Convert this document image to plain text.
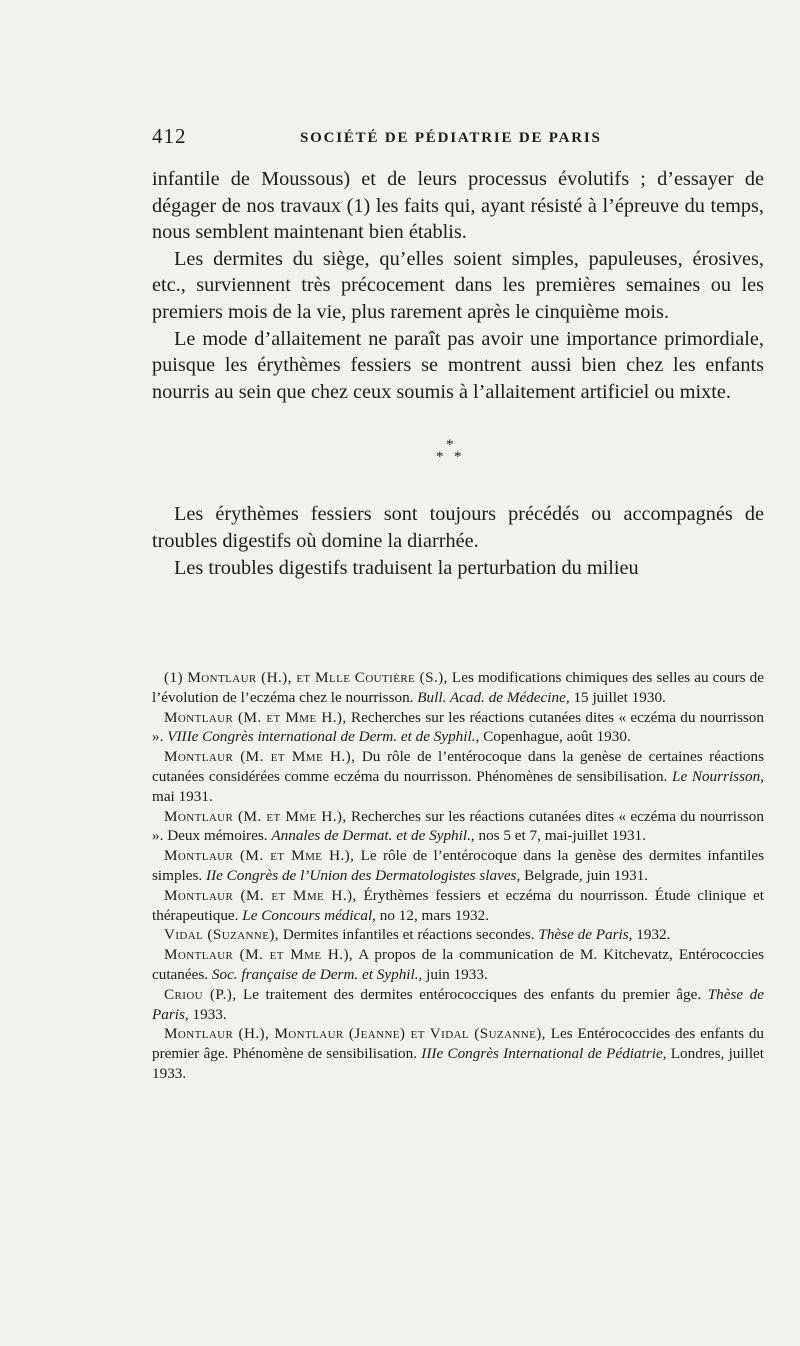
412	SOCIÉTÉ DE PÉDIATRIE DE PARIS

infantile de Moussous) et de leurs processus évolutifs ; d’essayer de dégager de nos travaux (1) les faits qui, ayant résisté à l’épreuve du temps, nous semblent maintenant bien établis.

Les dermites du siège, qu’elles soient simples, papuleuses, érosives, etc., surviennent très précocement dans les premières semaines ou les premiers mois de la vie, plus rarement après le cinquième mois.

Le mode d’allaitement ne paraît pas avoir une importance primordiale, puisque les érythèmes fessiers se montrent aussi bien chez les enfants nourris au sein que chez ceux soumis à l’allaitement artificiel ou mixte.

*
* *

Les érythèmes fessiers sont toujours précédés ou accompagnés de troubles digestifs où domine la diarrhée.

Les troubles digestifs traduisent la perturbation du milieu

(1) Montlaur (H.), et Mlle Coutière (S.), Les modifications chimiques des selles au cours de l’évolution de l’eczéma chez le nourrisson. Bull. Acad. de Médecine, 15 juillet 1930.

Montlaur (M. et Mme H.), Recherches sur les réactions cutanées dites « eczéma du nourrisson ». VIIIe Congrès international de Derm. et de Syphil., Copenhague, août 1930.

Montlaur (M. et Mme H.), Du rôle de l’entérocoque dans la genèse de certaines réactions cutanées considérées comme eczéma du nourrisson. Phénomènes de sensibilisation. Le Nourrisson, mai 1931.

Montlaur (M. et Mme H.), Recherches sur les réactions cutanées dites « eczéma du nourrisson ». Deux mémoires. Annales de Dermat. et de Syphil., nos 5 et 7, mai-juillet 1931.

Montlaur (M. et Mme H.), Le rôle de l’entérocoque dans la genèse des dermites infantiles simples. IIe Congrès de l’Union des Dermatologistes slaves, Belgrade, juin 1931.

Montlaur (M. et Mme H.), Érythèmes fessiers et eczéma du nourrisson. Étude clinique et thérapeutique. Le Concours médical, no 12, mars 1932.

Vidal (Suzanne), Dermites infantiles et réactions secondes. Thèse de Paris, 1932.

Montlaur (M. et Mme H.), A propos de la communication de M. Kitchevatz, Entérococcies cutanées. Soc. française de Derm. et Syphil., juin 1933.

Criou (P.), Le traitement des dermites entérococciques des enfants du premier âge. Thèse de Paris, 1933.

Montlaur (H.), Montlaur (Jeanne) et Vidal (Suzanne), Les Entérococcides des enfants du premier âge. Phénomène de sensibilisation. IIIe Congrès International de Pédiatrie, Londres, juillet 1933.
